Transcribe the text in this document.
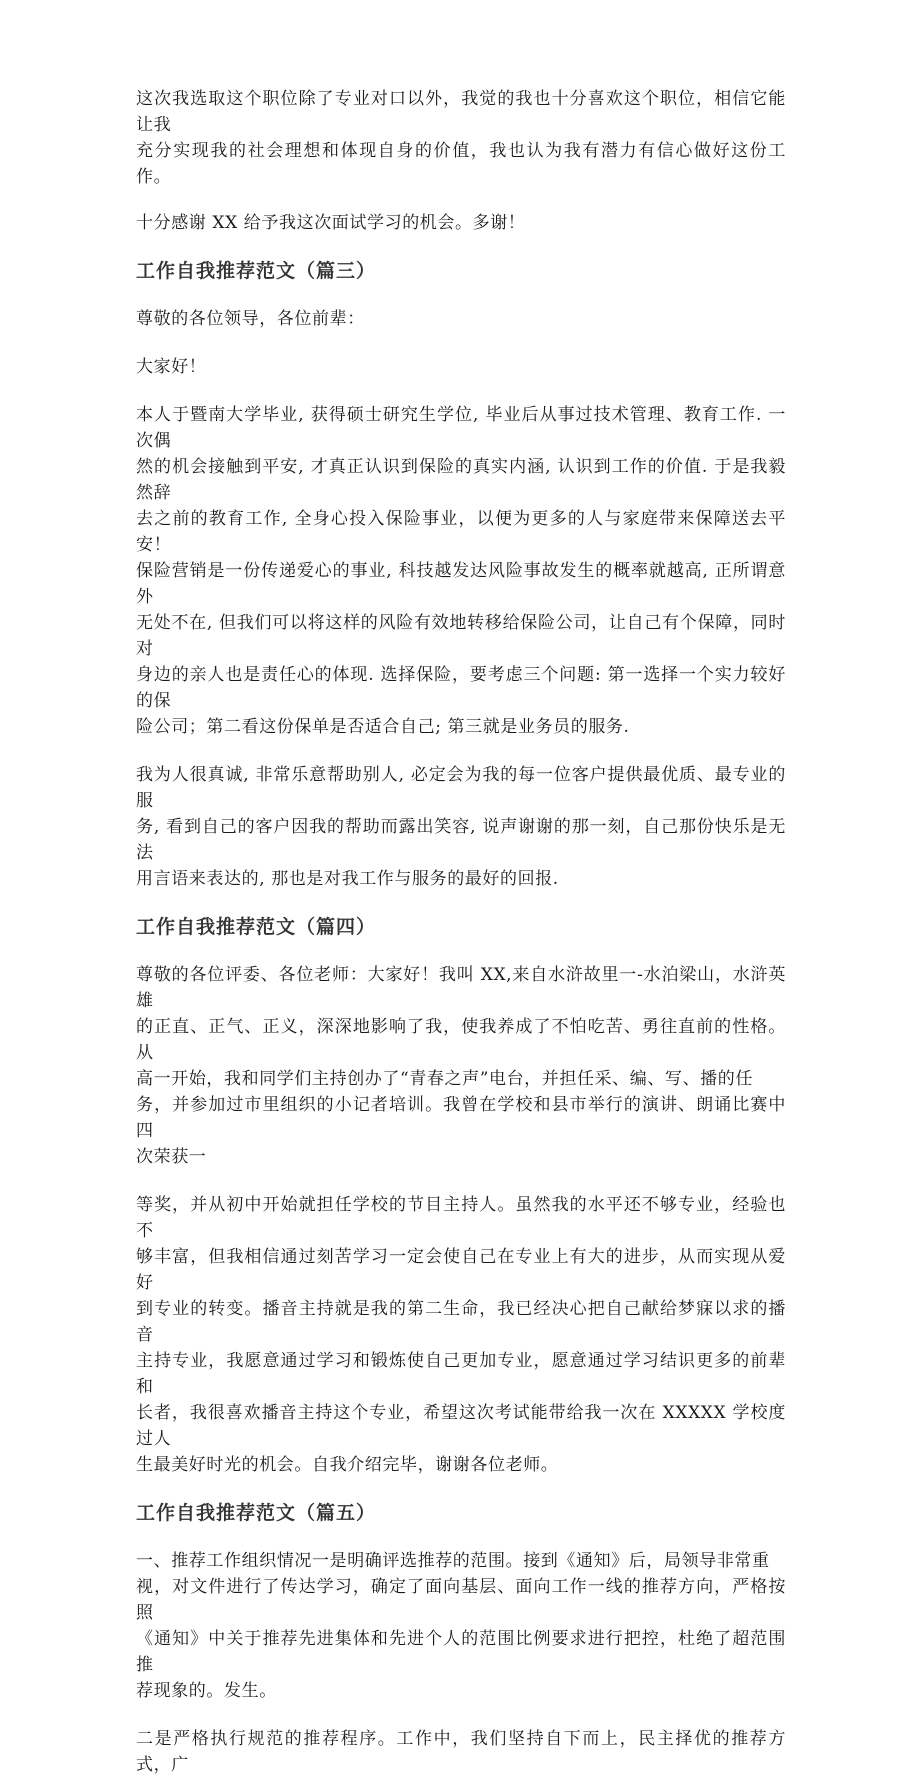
这次我选取这个职位除了专业对口以外，我觉的我也十分喜欢这个职位，相信它能让我
充分实现我的社会理想和体现自身的价值，我也认为我有潜力有信心做好这份工作。

十分感谢 XX 给予我这次面试学习的机会。多谢！

工作自我推荐范文（篇三）

尊敬的各位领导，各位前辈：

大家好！

本人于暨南大学毕业, 获得硕士研究生学位, 毕业后从事过技术管理、教育工作. 一次偶
然的机会接触到平安, 才真正认识到保险的真实内涵, 认识到工作的价值. 于是我毅然辞
去之前的教育工作, 全身心投入保险事业，以便为更多的人与家庭带来保障送去平安！
保险营销是一份传递爱心的事业, 科技越发达风险事故发生的概率就越高, 正所谓意外
无处不在, 但我们可以将这样的风险有效地转移给保险公司，让自己有个保障，同时对
身边的亲人也是责任心的体现. 选择保险，要考虑三个问题: 第一选择一个实力较好的保
险公司；第二看这份保单是否适合自己; 第三就是业务员的服务.

我为人很真诚, 非常乐意帮助别人, 必定会为我的每一位客户提供最优质、最专业的服
务, 看到自己的客户因我的帮助而露出笑容, 说声谢谢的那一刻，自己那份快乐是无法
用言语来表达的, 那也是对我工作与服务的最好的回报.

工作自我推荐范文（篇四）

尊敬的各位评委、各位老师：大家好！我叫 XX,来自水浒故里一-水泊梁山，水浒英雄
的正直、正气、正义，深深地影响了我，使我养成了不怕吃苦、勇往直前的性格。从
高一开始，我和同学们主持创办了“青春之声”电台，并担任采、编、写、播的任
务，并参加过市里组织的小记者培训。我曾在学校和县市举行的演讲、朗诵比赛中四
次荣获一

等奖，并从初中开始就担任学校的节目主持人。虽然我的水平还不够专业，经验也不
够丰富，但我相信通过刻苦学习一定会使自己在专业上有大的进步，从而实现从爱好
到专业的转变。播音主持就是我的第二生命，我已经决心把自己献给梦寐以求的播音
主持专业，我愿意通过学习和锻炼使自己更加专业，愿意通过学习结识更多的前辈和
长者，我很喜欢播音主持这个专业，希望这次考试能带给我一次在 XXXXX 学校度过人
生最美好时光的机会。自我介绍完毕，谢谢各位老师。

工作自我推荐范文（篇五）

一、推荐工作组织情况一是明确评选推荐的范围。接到《通知》后，局领导非常重
视，对文件进行了传达学习，确定了面向基层、面向工作一线的推荐方向，严格按照
《通知》中关于推荐先进集体和先进个人的范围比例要求进行把控，杜绝了超范围推
荐现象的。发生。

二是严格执行规范的推荐程序。工作中，我们坚持自下而上，民主择优的推荐方式，广
